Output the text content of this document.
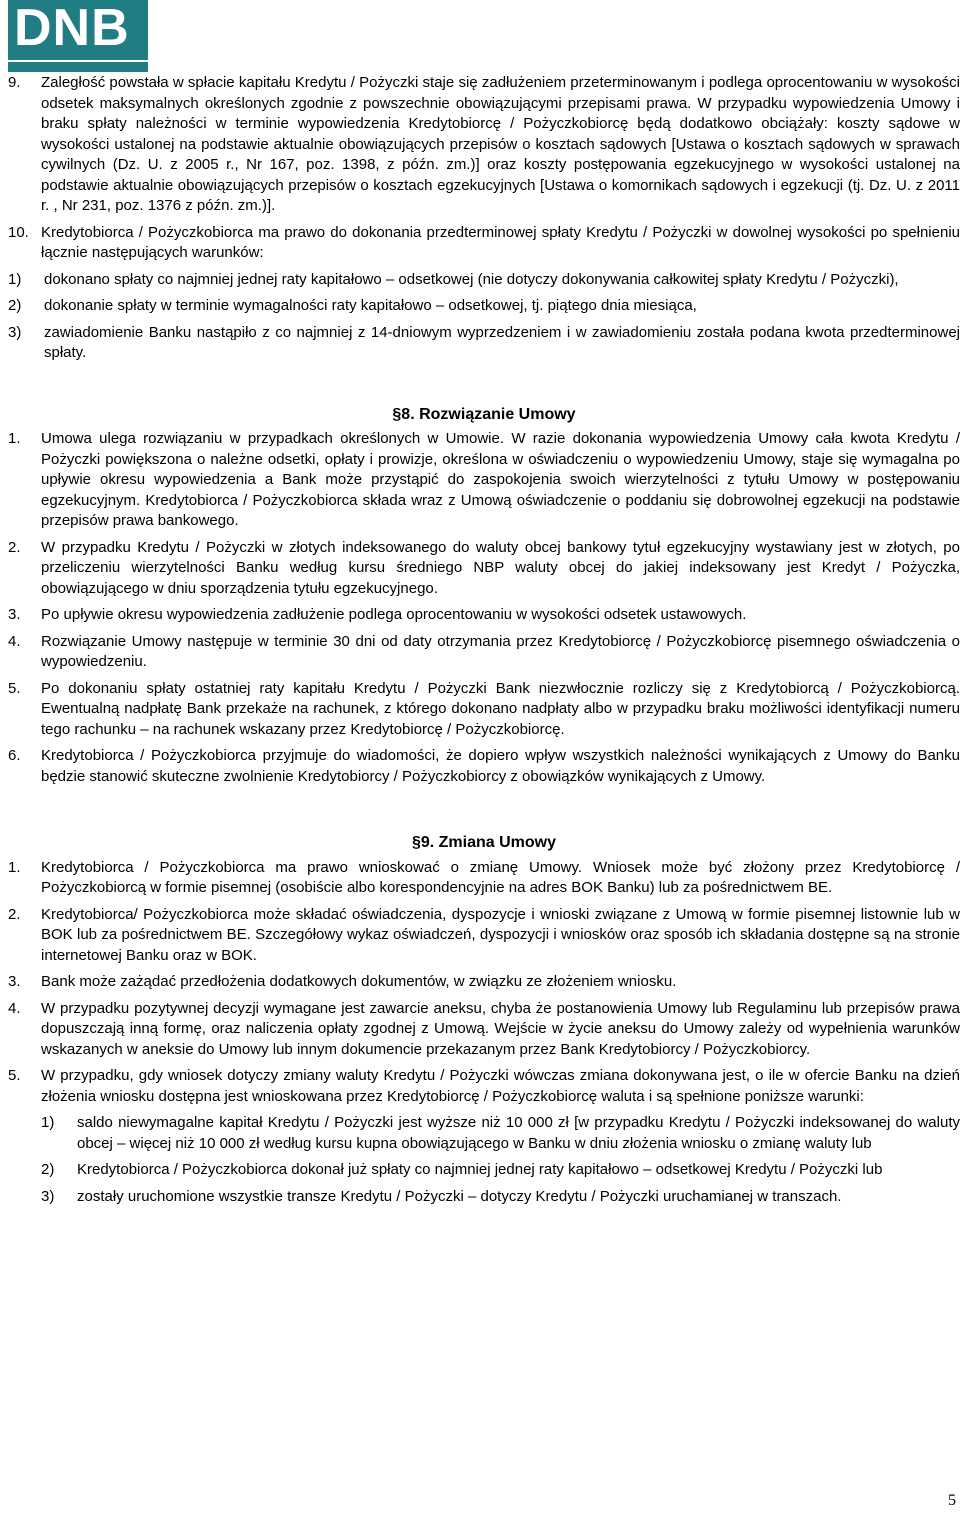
DNB
9.	Zaległość powstała w spłacie kapitału Kredytu / Pożyczki staje się zadłużeniem przeterminowanym i podlega oprocentowaniu w wysokości odsetek maksymalnych określonych zgodnie z powszechnie obowiązującymi przepisami prawa. W przypadku wypowiedzenia Umowy i braku spłaty należności w terminie wypowiedzenia Kredytobiorcę / Pożyczkobiorcę będą dodatkowo obciążały: koszty sądowe w wysokości ustalonej na podstawie aktualnie obowiązujących przepisów o kosztach sądowych [Ustawa o kosztach sądowych w sprawach cywilnych (Dz. U. z 2005 r., Nr 167, poz. 1398, z późn. zm.)] oraz koszty postępowania egzekucyjnego w wysokości ustalonej na podstawie aktualnie obowiązujących przepisów o kosztach egzekucyjnych [Ustawa o komornikach sądowych i egzekucji (tj. Dz. U. z 2011 r. , Nr 231, poz. 1376 z późn. zm.)].
10. Kredytobiorca / Pożyczkobiorca ma prawo do dokonania przedterminowej spłaty Kredytu / Pożyczki w dowolnej wysokości po spełnieniu łącznie następujących warunków:
1)	dokonano spłaty co najmniej jednej raty kapitałowo – odsetkowej (nie dotyczy dokonywania całkowitej spłaty Kredytu / Pożyczki),
2)	dokonanie spłaty w terminie wymagalności raty kapitałowo – odsetkowej, tj. piątego dnia miesiąca,
3)	zawiadomienie Banku nastąpiło z co najmniej z 14-dniowym wyprzedzeniem i w zawiadomieniu została podana kwota przedterminowej spłaty.
§8. Rozwiązanie Umowy
1.	Umowa ulega rozwiązaniu w przypadkach określonych w Umowie. W razie dokonania wypowiedzenia Umowy cała kwota Kredytu / Pożyczki powiększona o należne odsetki, opłaty i prowizje, określona w oświadczeniu o wypowiedzeniu Umowy, staje się wymagalna po upływie okresu wypowiedzenia a Bank może przystąpić do zaspokojenia swoich wierzytelności z tytułu Umowy w postępowaniu egzekucyjnym. Kredytobiorca / Pożyczkobiorca składa wraz z Umową oświadczenie o poddaniu się dobrowolnej egzekucji na podstawie przepisów prawa bankowego.
2.	W przypadku Kredytu / Pożyczki w złotych indeksowanego do waluty obcej bankowy tytuł egzekucyjny wystawiany jest w złotych, po przeliczeniu wierzytelności Banku według kursu średniego NBP waluty obcej do jakiej indeksowany jest Kredyt / Pożyczka, obowiązującego w dniu sporządzenia tytułu egzekucyjnego.
3.	Po upływie okresu wypowiedzenia zadłużenie podlega oprocentowaniu w wysokości odsetek ustawowych.
4.	Rozwiązanie Umowy następuje w terminie 30 dni od daty otrzymania przez Kredytobiorcę / Pożyczkobiorcę pisemnego oświadczenia o wypowiedzeniu.
5.	Po dokonaniu spłaty ostatniej raty kapitału Kredytu / Pożyczki Bank niezwłocznie rozliczy się z Kredytobiorcą / Pożyczkobiorcą. Ewentualną nadpłatę Bank przekaże na rachunek, z którego dokonano nadpłaty albo w przypadku braku możliwości identyfikacji numeru tego rachunku – na rachunek wskazany przez Kredytobiorcę / Pożyczkobiorcę.
6.	Kredytobiorca / Pożyczkobiorca przyjmuje do wiadomości, że dopiero wpływ wszystkich należności wynikających z Umowy do Banku będzie stanowić skuteczne zwolnienie Kredytobiorcy / Pożyczkobiorcy z obowiązków wynikających z Umowy.
§9. Zmiana Umowy
1.	Kredytobiorca / Pożyczkobiorca ma prawo wnioskować o zmianę Umowy. Wniosek może być złożony przez Kredytobiorcę / Pożyczkobiorcą w formie pisemnej (osobiście albo korespondencyjnie na adres BOK Banku) lub za pośrednictwem BE.
2.	Kredytobiorca/ Pożyczkobiorca może składać oświadczenia, dyspozycje i wnioski związane z Umową w formie pisemnej listownie lub w BOK lub za pośrednictwem BE. Szczegółowy wykaz oświadczeń, dyspozycji i wniosków oraz sposób ich składania dostępne są na stronie internetowej Banku oraz w BOK.
3.	Bank może zażądać przedłożenia dodatkowych dokumentów, w związku ze złożeniem wniosku.
4.	W przypadku pozytywnej decyzji wymagane jest zawarcie aneksu, chyba że postanowienia Umowy lub Regulaminu lub przepisów prawa dopuszczają inną formę, oraz naliczenia opłaty zgodnej z Umową. Wejście w życie aneksu do Umowy zależy od wypełnienia warunków wskazanych w aneksie do Umowy lub innym dokumencie przekazanym przez Bank Kredytobiorcy / Pożyczkobiorcy.
5.	W przypadku, gdy wniosek dotyczy zmiany waluty Kredytu / Pożyczki wówczas zmiana dokonywana jest, o ile w ofercie Banku na dzień złożenia wniosku dostępna jest wnioskowana przez Kredytobiorcę / Pożyczkobiorcę waluta i są spełnione poniższe warunki:
1)	saldo niewymagalne kapitał Kredytu / Pożyczki jest wyższe niż 10 000 zł [w przypadku Kredytu / Pożyczki indeksowanej do waluty obcej – więcej niż 10 000 zł według kursu kupna obowiązującego w Banku w dniu złożenia wniosku o zmianę waluty lub
2)	Kredytobiorca / Pożyczkobiorca dokonał już spłaty co najmniej jednej raty kapitałowo – odsetkowej Kredytu / Pożyczki lub
3)	zostały uruchomione wszystkie transze Kredytu / Pożyczki – dotyczy Kredytu / Pożyczki uruchamianej w transzach.
5
